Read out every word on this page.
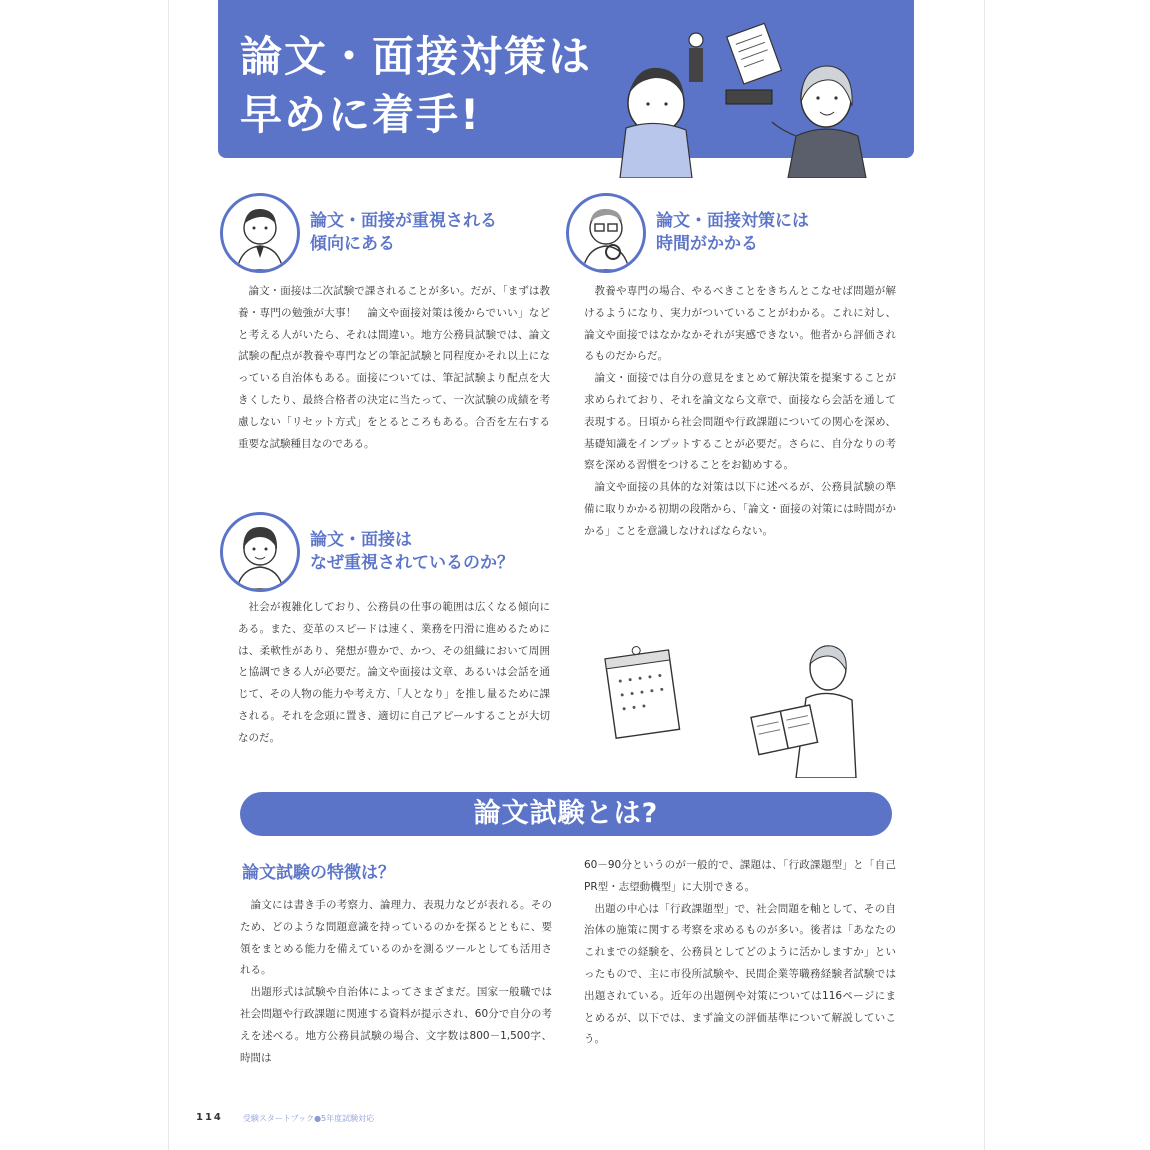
論文・面接対策は
早めに着手!
論文・面接が重視される
傾向にある

論文・面接は二次試験で課されることが多い。だが、「まずは教養・専門の勉強が大事！　論文や面接対策は後からでいい」などと考える人がいたら、それは間違い。地方公務員試験では、論文試験の配点が教養や専門などの筆記試験と同程度かそれ以上になっている自治体もある。面接については、筆記試験より配点を大きくしたり、最終合格者の決定に当たって、一次試験の成績を考慮しない「リセット方式」をとるところもある。合否を左右する重要な試験種目なのである。

論文・面接は
なぜ重視されているのか？

社会が複雑化しており、公務員の仕事の範囲は広くなる傾向にある。また、変革のスピードは速く、業務を円滑に進めるためには、柔軟性があり、発想が豊かで、かつ、その組織において周囲と協調できる人が必要だ。論文や面接は文章、あるいは会話を通じて、その人物の能力や考え方、「人となり」を推し量るために課される。それを念頭に置き、適切に自己アピールすることが大切なのだ。

論文・面接対策には
時間がかかる

教養や専門の場合、やるべきことをきちんとこなせば問題が解けるようになり、実力がついていることがわかる。これに対し、論文や面接ではなかなかそれが実感できない。他者から評価されるものだからだ。

論文・面接では自分の意見をまとめて解決策を提案することが求められており、それを論文なら文章で、面接なら会話を通して表現する。日頃から社会問題や行政課題についての関心を深め、基礎知識をインプットすることが必要だ。さらに、自分なりの考察を深める習慣をつけることをお勧めする。

論文や面接の具体的な対策は以下に述べるが、公務員試験の準備に取りかかる初期の段階から、「論文・面接の対策には時間がかかる」ことを意識しなければならない。

論文試験とは?
論文試験の特徴は？

論文には書き手の考察力、論理力、表現力などが表れる。そのため、どのような問題意識を持っているのかを探るとともに、要領をまとめる能力を備えているのかを測るツールとしても活用される。

出題形式は試験や自治体によってさまざまだ。国家一般職では社会問題や行政課題に関連する資料が提示され、60分で自分の考えを述べる。地方公務員試験の場合、文字数は800－1,500字、時間は

60－90分というのが一般的で、課題は、「行政課題型」と「自己PR型・志望動機型」に大別できる。

出題の中心は「行政課題型」で、社会問題を軸として、その自治体の施策に関する考察を求めるものが多い。後者は「あなたのこれまでの経験を、公務員としてどのように活かしますか」といったもので、主に市役所試験や、民間企業等職務経験者試験では出題されている。近年の出題例や対策については116ページにまとめるが、以下では、まず論文の評価基準について解説していこう。

114	受験スタートブック●5年度試験対応
